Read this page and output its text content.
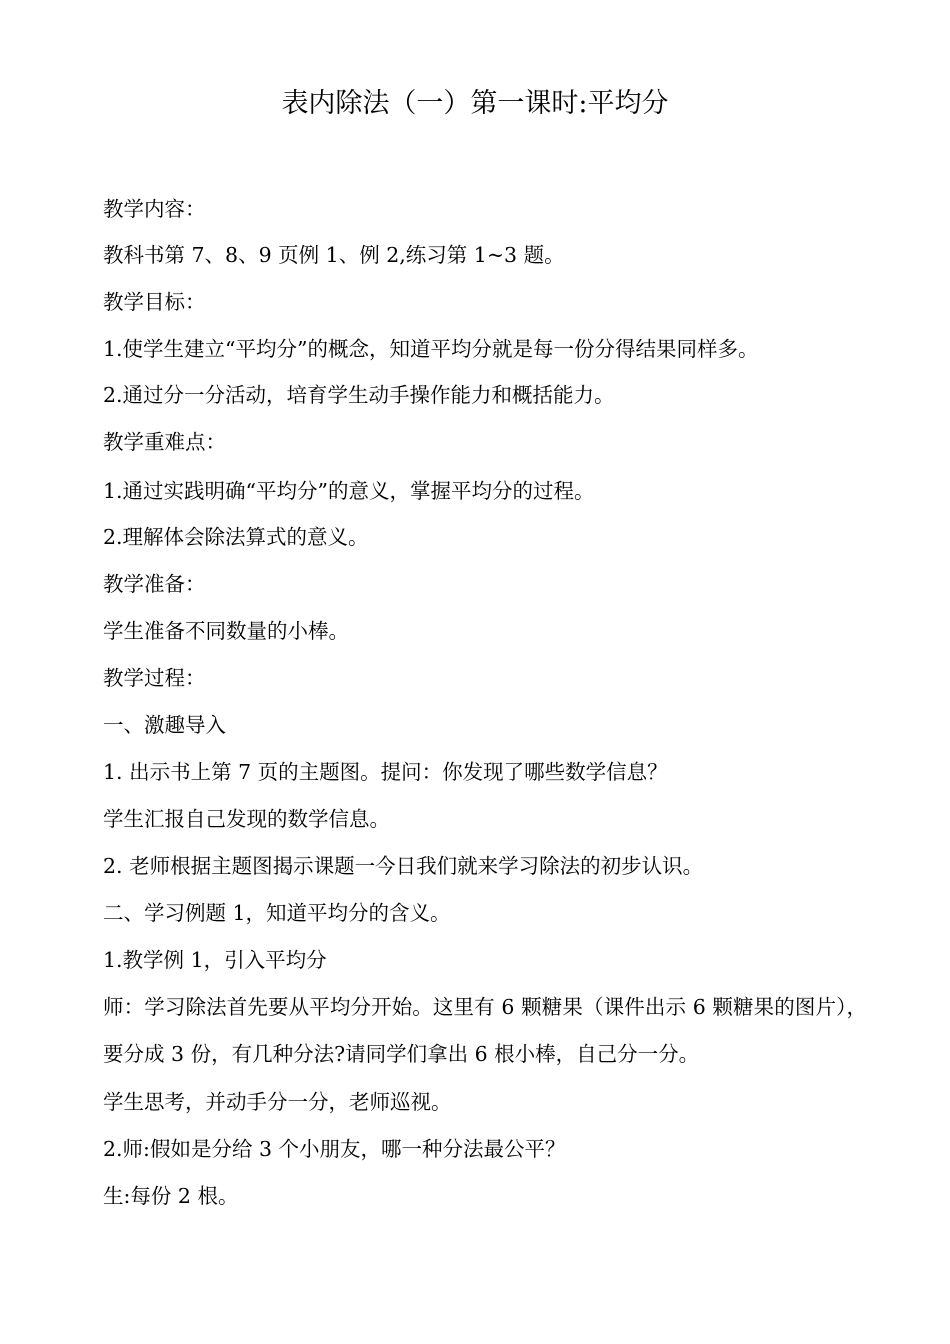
表内除法（一）第一课时:平均分
教学内容：
教科书第 7、8、9 页例 1、例 2,练习第 1~3 题。
教学目标：
1.使学生建立“平均分”的概念，知道平均分就是每一份分得结果同样多。
2.通过分一分活动，培育学生动手操作能力和概括能力。
教学重难点：
1.通过实践明确“平均分”的意义，掌握平均分的过程。
2.理解体会除法算式的意义。
教学准备：
学生准备不同数量的小棒。
教学过程：
一、激趣导入
1. 出示书上第 7 页的主题图。提问：你发现了哪些数学信息？
学生汇报自己发现的数学信息。
2. 老师根据主题图揭示课题一今日我们就来学习除法的初步认识。
二、学习例题 1，知道平均分的含义。
1.教学例 1，引入平均分
师：学习除法首先要从平均分开始。这里有 6 颗糖果（课件出示 6 颗糖果的图片），要分成 3 份，有几种分法?请同学们拿出 6 根小棒，自己分一分。
学生思考，并动手分一分，老师巡视。
2.师:假如是分给 3 个小朋友，哪一种分法最公平？
生:每份 2 根。
